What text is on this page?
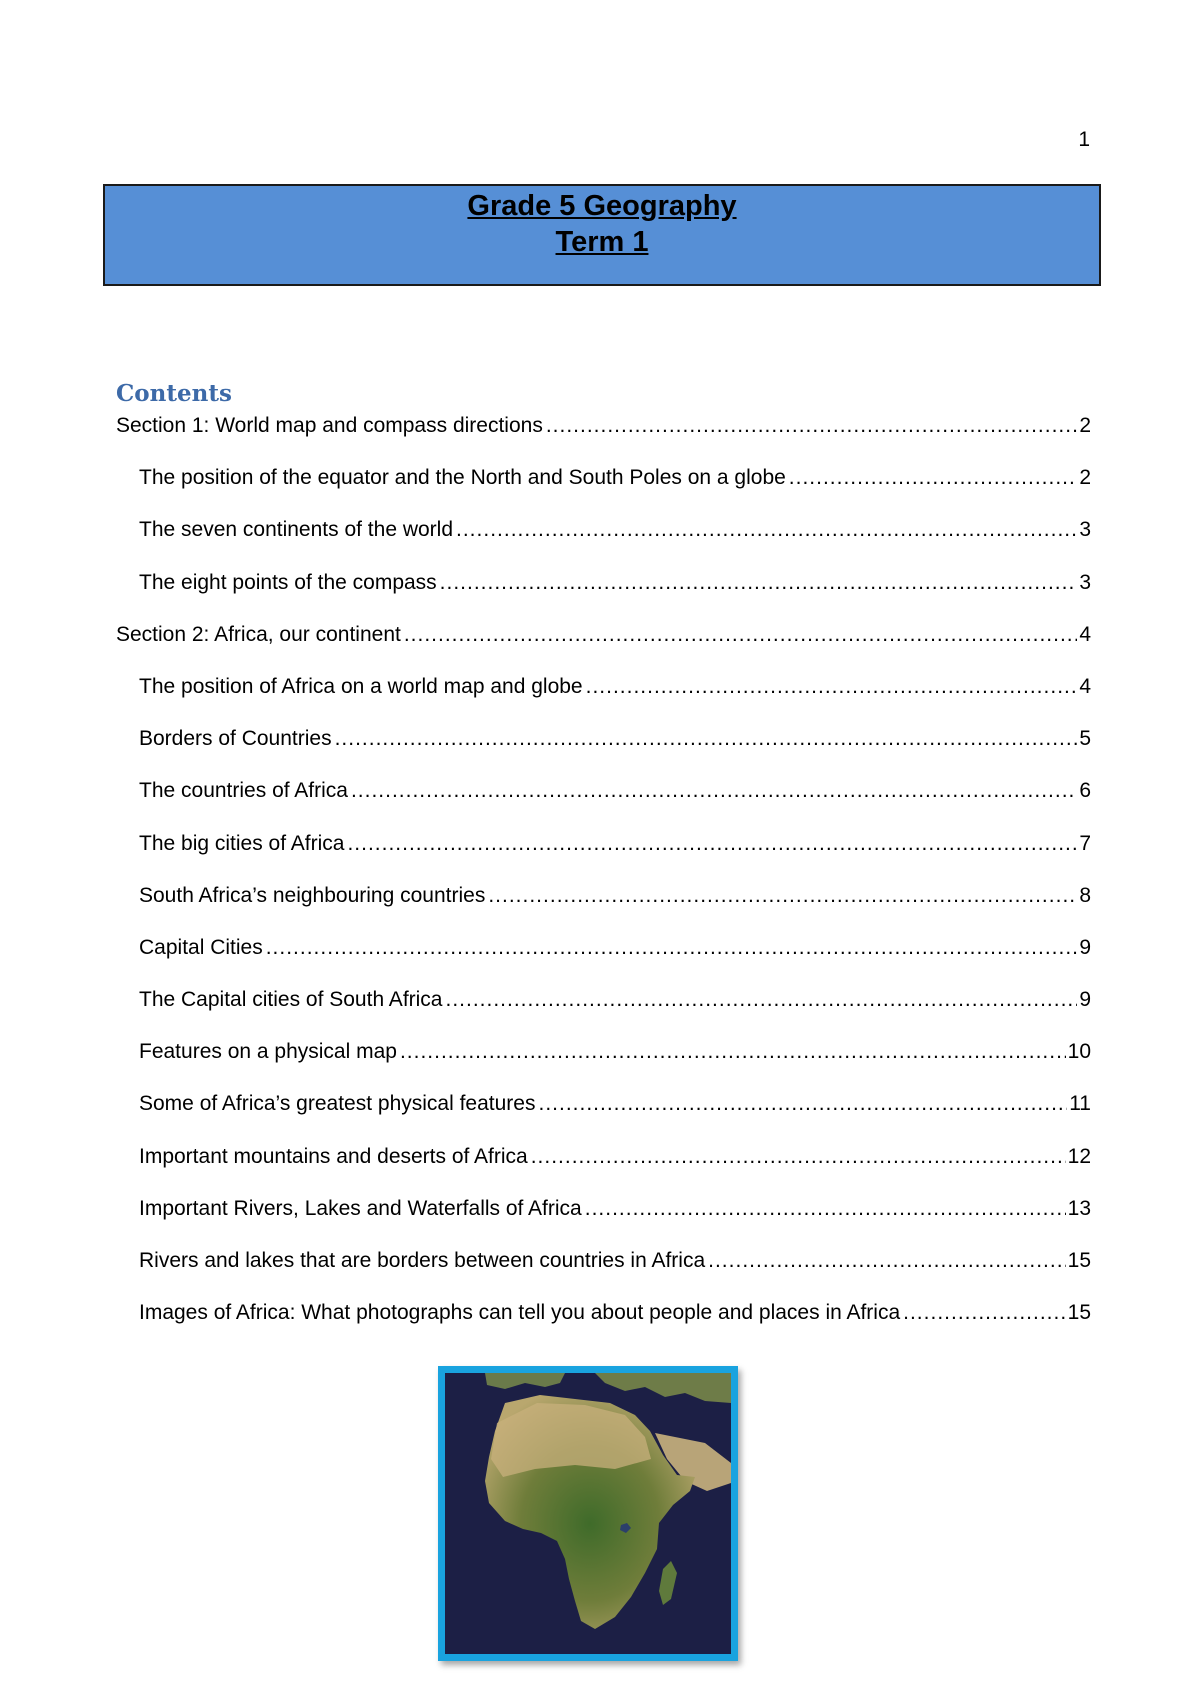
1
Grade 5 Geography
Term 1
Contents
Section 1: World map and compass directions .....	2
The position of the equator and the North and South Poles on a globe .....	2
The seven continents of the world .....	3
The eight points of the compass .....	3
Section 2: Africa, our continent .....	4
The position of Africa on a world map and globe .....	4
Borders of Countries .....	5
The countries of Africa .....	6
The big cities of Africa .....	7
South Africa’s neighbouring countries .....	8
Capital Cities .....	9
The Capital cities of South Africa .....	9
Features on a physical map .....	10
Some of Africa’s greatest physical features .....	11
Important mountains and deserts of Africa .....	12
Important Rivers, Lakes and Waterfalls of Africa .....	13
Rivers and lakes that are borders between countries in Africa .....	15
Images of Africa: What photographs can tell you about people and places in Africa .....	15
